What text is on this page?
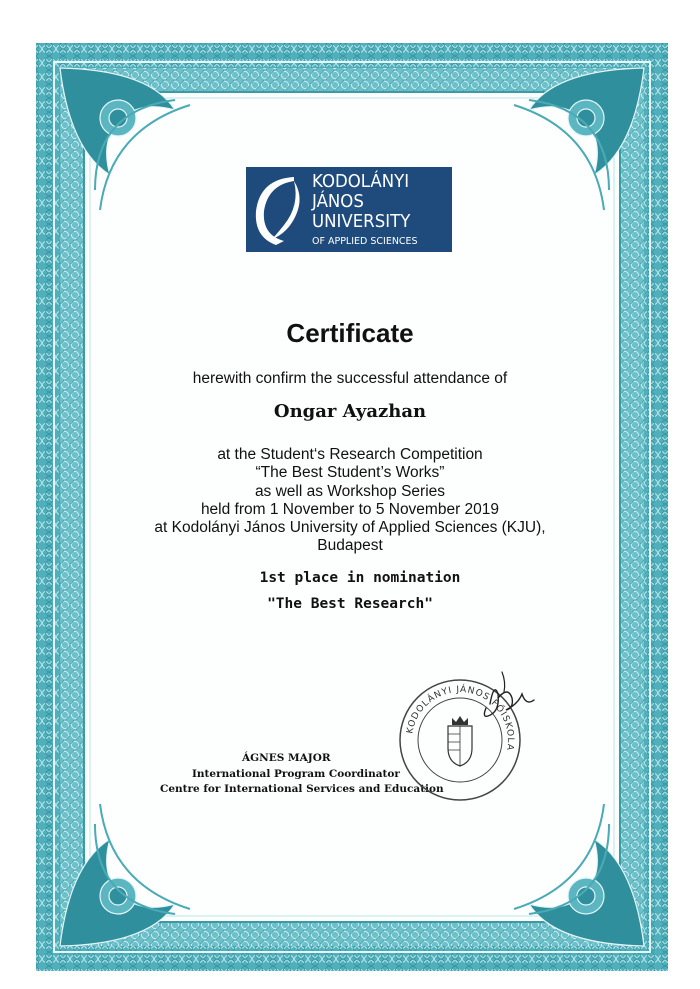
KODOLÁNYI
JÁNOS
UNIVERSITY
OF APPLIED SCIENCES
Certificate
herewith confirm the successful attendance of
Ongar Ayazhan
at the Student‘s Research Competition
“The Best Student’s Works”
as well as Workshop Series
held from 1 November to 5 November 2019
at Kodolányi János University of Applied Sciences (KJU),
Budapest
1st place in nomination
"The Best Research"
ÁGNES MAJOR
International Program Coordinator
Centre for International Services and Education
KODOLÁNYI JÁNOS FŐISKOLA
